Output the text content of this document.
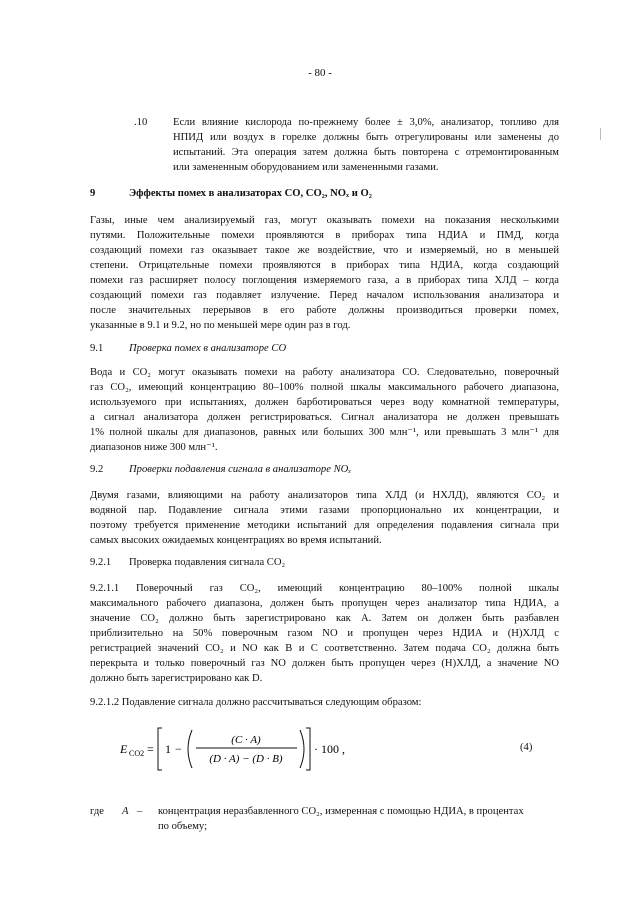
- 80 -
.10 Если влияние кислорода по-прежнему более ± 3,0%, анализатор, топливо для
НПИД или воздух в горелке должны быть отрегулированы или заменены до
испытаний. Эта операция затем должна быть повторена с отремонтированным
или замененным оборудованием или замененными газами.
9	Эффекты помех в анализаторах CO, CO₂, NOₓ и O₂
Газы, иные чем анализируемый газ, могут оказывать помехи на показания несколькими
путями. Положительные помехи проявляются в приборах типа НДИА и ПМД, когда
создающий помехи газ оказывает такое же воздействие, что и измеряемый, но в меньшей
степени. Отрицательные помехи проявляются в приборах типа НДИА, когда создающий
помехи газ расширяет полосу поглощения измеряемого газа, а в приборах типа ХЛД – когда
создающий помехи газ подавляет излучение. Перед началом использования анализатора и
после значительных перерывов в его работе должны производиться проверки помех,
указанные в 9.1 и 9.2, но по меньшей мере один раз в год.
9.1 Проверка помех в анализаторе CO
Вода и CO₂ могут оказывать помехи на работу анализатора CO. Следовательно, поверочный
газ CO₂, имеющий концентрацию 80–100% полной шкалы максимального рабочего диапазона,
используемого при испытаниях, должен барботироваться через воду комнатной температуры,
а сигнал анализатора должен регистрироваться. Сигнал анализатора не должен превышать
1% полной шкалы для диапазонов, равных или больших 300 млн⁻¹, или превышать 3 млн⁻¹ для
диапазонов ниже 300 млн⁻¹.
9.2 Проверки подавления сигнала в анализаторе NOₓ
Двумя газами, влияющими на работу анализаторов типа ХЛД (и НХЛД), являются CO₂ и
водяной пар. Подавление сигнала этими газами пропорционально их концентрации, и
поэтому требуется применение методики испытаний для определения подавления сигнала при
самых высоких ожидаемых концентрациях во время испытаний.
9.2.1 Проверка подавления сигнала CO₂
9.2.1.1 Поверочный газ CO₂, имеющий концентрацию 80–100% полной шкалы
максимального рабочего диапазона, должен быть пропущен через анализатор типа НДИА, а
значение CO₂ должно быть зарегистрировано как A. Затем он должен быть разбавлен
приблизительно на 50% поверочным газом NO и пропущен через НДИА и (Н)ХЛД с
регистрацией значений CO₂ и NO как B и C соответственно. Затем подача CO₂ должна быть
перекрыта и только поверочный газ NO должен быть пропущен через (Н)ХЛД, а значение NO
должно быть зарегистрировано как D.
9.2.1.2 Подавление сигнала должно рассчитываться следующим образом:
E CO2 = 1 −
(C · A)
(D · A) − (D · B)
· 100 ,	(4)
где A – концентрация неразбавленного CO₂, измеренная с помощью НДИА, в процентах
по объему;
